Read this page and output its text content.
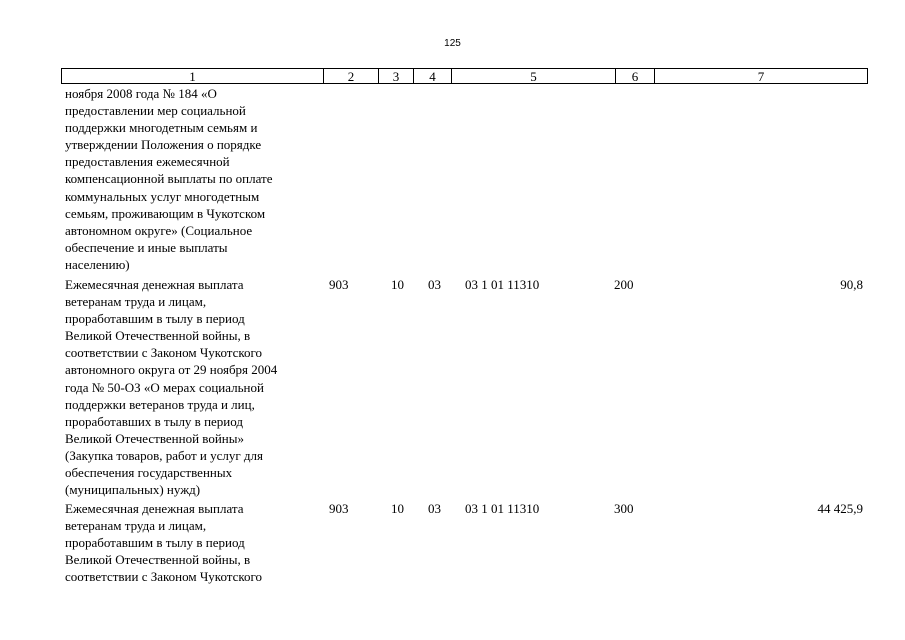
125
1	2	3	4	5	6	7
ноября 2008 года № 184 «О
предоставлении мер социальной
поддержки многодетным семьям и
утверждении Положения о порядке
предоставления ежемесячной
компенсационной выплаты по оплате
коммунальных услуг многодетным
семьям, проживающим в Чукотском
автономном округе» (Социальное
обеспечение и иные выплаты
населению)
Ежемесячная денежная выплата
ветеранам труда и лицам,
проработавшим в тылу в период
Великой Отечественной войны, в
соответствии с Законом Чукотского
автономного округа от 29 ноября 2004
года № 50-ОЗ «О мерах социальной
поддержки ветеранов труда и лиц,
проработавших в тылу в период
Великой Отечественной войны»
(Закупка товаров, работ и услуг для
обеспечения государственных
(муниципальных) нужд)
903	10	03	03 1 01 11310	200	90,8
Ежемесячная денежная выплата
ветеранам труда и лицам,
проработавшим в тылу в период
Великой Отечественной войны, в
соответствии с Законом Чукотского
903	10	03	03 1 01 11310	300	44 425,9
